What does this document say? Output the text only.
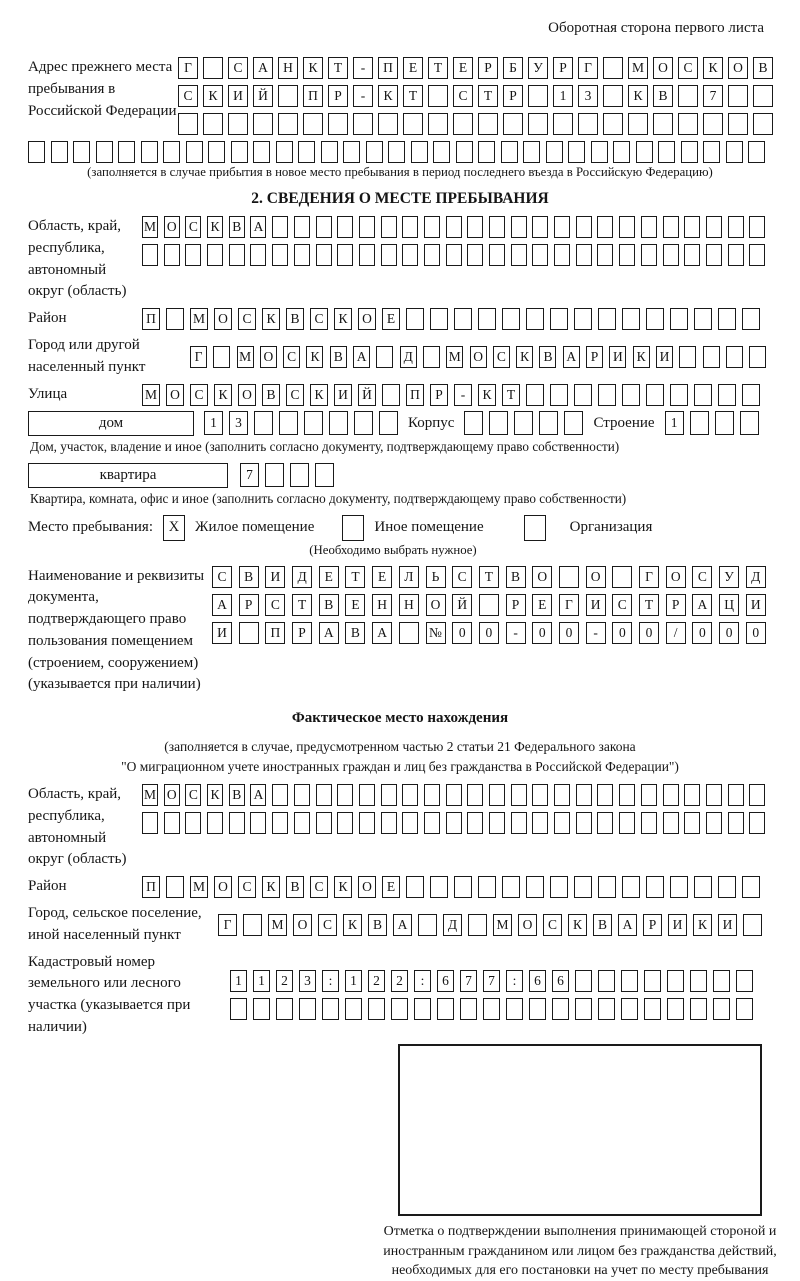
Оборотная сторона первого листа
Адрес прежнего места пребывания в Российской Федерации
Г	С	А	Н	К	Т	-	П	Е	Т	Е	Р	Б	У	Р	Г	М	О	С	К	О	В
С	К	И	Й	П	Р	-	К	Т	С	Т	Р	1	3	К	В	7
(заполняется в случае прибытия в новое место пребывания в период последнего въезда в Российскую Федерацию)
2. СВЕДЕНИЯ О МЕСТЕ ПРЕБЫВАНИЯ
Область, край, республика, автономный округ (область)
М О С К В А
Район	П	М О	С	К	В	С	К	О	Е
Город или другой населенный пункт
Г	М О С К В А	Д	М О С К В А	Р	И К И
Улица	М О	С	К	О	В	С	К	И	Й	П	Р	-	К	Т
дом	1	3	Корпус	Строение	1
Дом, участок, владение и иное (заполнить согласно документу, подтверждающему право собственности)
квартира	7
Квартира, комната, офис и иное (заполнить согласно документу, подтверждающему право собственности)
Место пребывания:	X	Жилое помещение	Иное помещение	Организация
(Необходимо выбрать нужное)
Наименование и реквизиты документа, подтверждающего право пользования помещением (строением, сооружением) (указывается при наличии)
С	В	И	Д	Е	Т	Е	Л	Ь	С	Т	В	О	О	Г	О	С	У	Д
А	Р	С	Т	В	Е	Н	Н	О	Й	Р	Е	Г	И	С	Т	Р	А	Ц	И
И	П	Р	А	В	А	№	0	0	-	0	0	-	0	0	/	0	0	0
Фактическое место нахождения
(заполняется в случае, предусмотренном частью 2 статьи 21 Федерального закона
"О миграционном учете иностранных граждан и лиц без гражданства в Российской Федерации")
Область, край, республика, автономный округ (область)
М О С К В А
Район	П	М О	С	К	В	С	К	О	Е
Город, сельское поселение, иной населенный пункт
Г	М	О	С	К	В	А	Д	М	О	С	К	В	А	Р	И	К	И
Кадастровый номер земельного или лесного участка (указывается при наличии)
1	1	2	3	:	1	2	2	:	6	7	7	:	6	6
Отметка о подтверждении выполнения принимающей стороной и иностранным гражданином или лицом без гражданства действий, необходимых для его постановки на учет по месту пребывания
